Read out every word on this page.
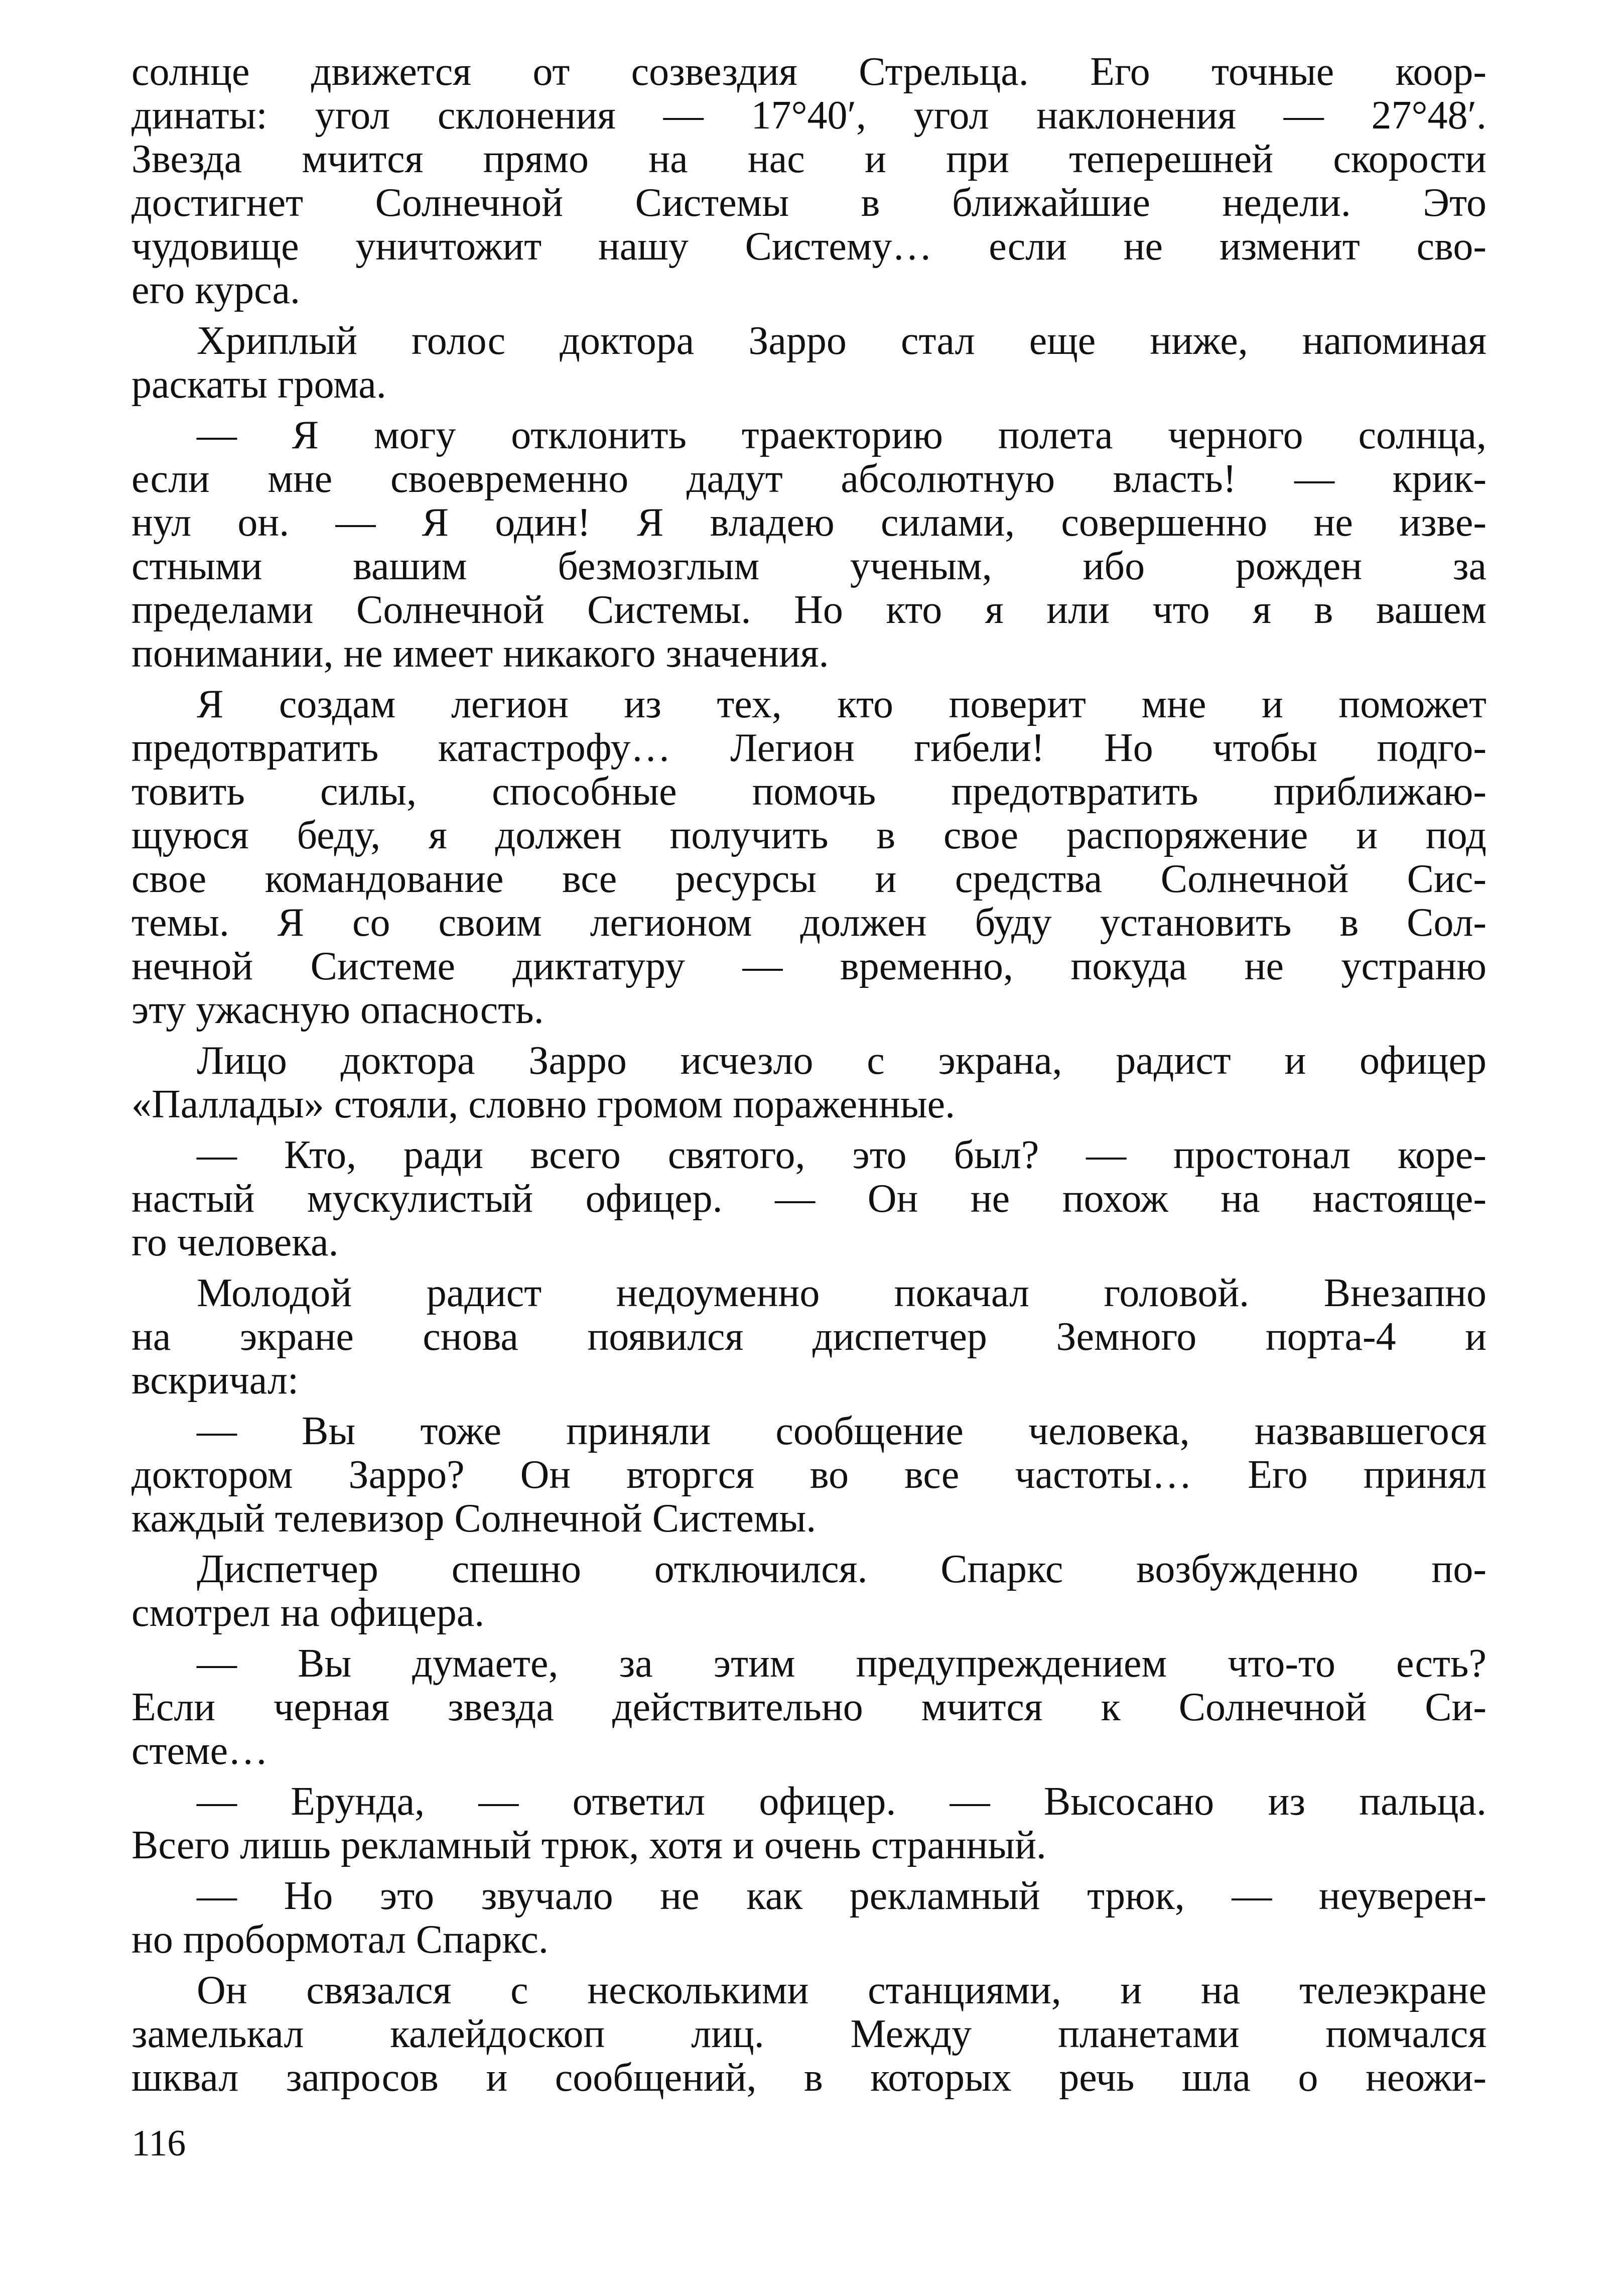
солнце движется от созвездия Стрельца. Его точные коор-
динаты: угол склонения — 17°40′, угол наклонения — 27°48′.
Звезда мчится прямо на нас и при теперешней скорости
достигнет Солнечной Системы в ближайшие недели. Это
чудовище уничтожит нашу Систему… если не изменит сво-
его курса.
Хриплый голос доктора Зарро стал еще ниже, напоминая
раскаты грома.
— Я могу отклонить траекторию полета черного солнца,
если мне своевременно дадут абсолютную власть! — крик-
нул он. — Я один! Я владею силами, совершенно не изве-
стными вашим безмозглым ученым, ибо рожден за
пределами Солнечной Системы. Но кто я или что я в вашем
понимании, не имеет никакого значения.
Я создам легион из тех, кто поверит мне и поможет
предотвратить катастрофу… Легион гибели! Но чтобы подго-
товить силы, способные помочь предотвратить приближаю-
щуюся беду, я должен получить в свое распоряжение и под
свое командование все ресурсы и средства Солнечной Сис-
темы. Я со своим легионом должен буду установить в Сол-
нечной Системе диктатуру — временно, покуда не устраню
эту ужасную опасность.
Лицо доктора Зарро исчезло с экрана, радист и офицер
«Паллады» стояли, словно громом пораженные.
— Кто, ради всего святого, это был? — простонал коре-
настый мускулистый офицер. — Он не похож на настояще-
го человека.
Молодой радист недоуменно покачал головой. Внезапно
на экране снова появился диспетчер Земного порта-4 и
вскричал:
— Вы тоже приняли сообщение человека, назвавшегося
доктором Зарро? Он вторгся во все частоты… Его принял
каждый телевизор Солнечной Системы.
Диспетчер спешно отключился. Спаркс возбужденно по-
смотрел на офицера.
— Вы думаете, за этим предупреждением что-то есть?
Если черная звезда действительно мчится к Солнечной Си-
стеме…
— Ерунда, — ответил офицер. — Высосано из пальца.
Всего лишь рекламный трюк, хотя и очень странный.
— Но это звучало не как рекламный трюк, — неуверен-
но пробормотал Спаркс.
Он связался с несколькими станциями, и на телеэкране
замелькал калейдоскоп лиц. Между планетами помчался
шквал запросов и сообщений, в которых речь шла о неожи-
116
